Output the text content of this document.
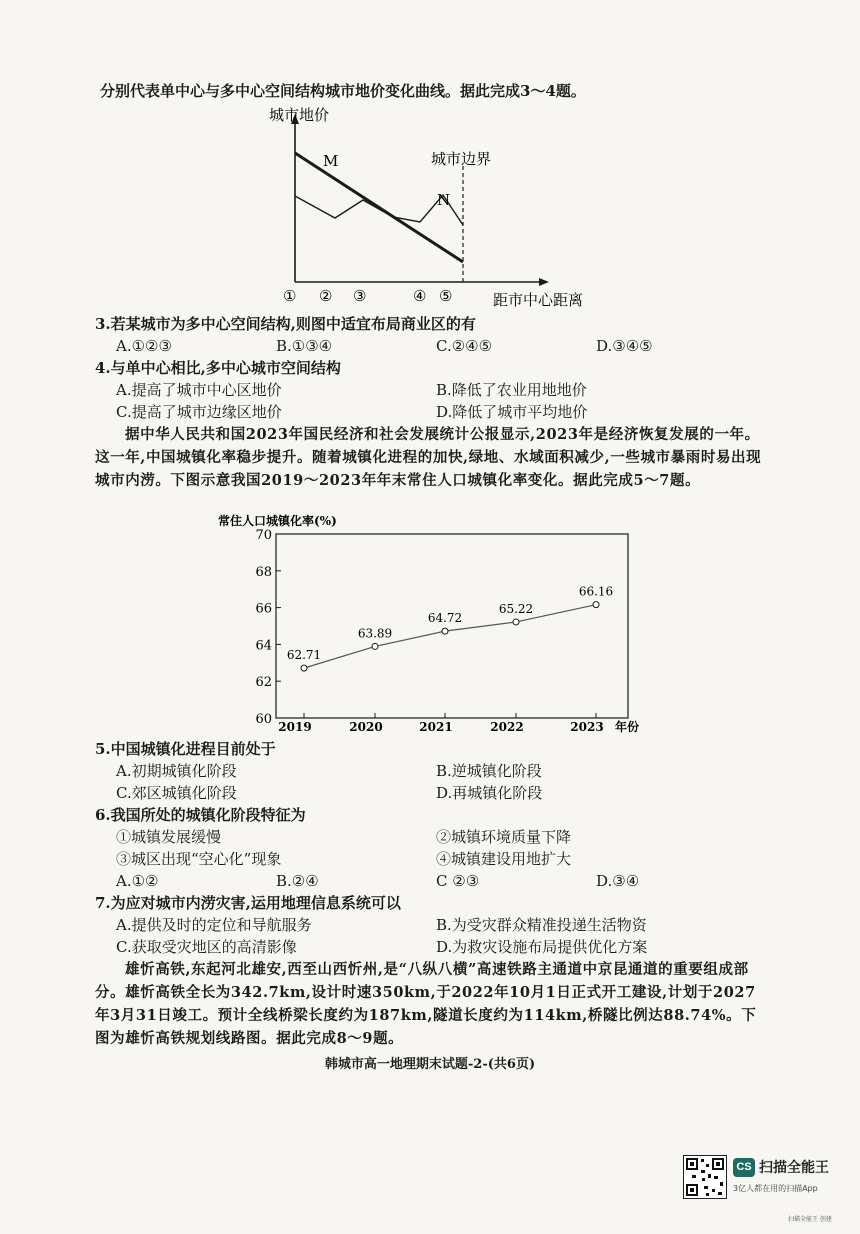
分别代表单中心与多中心空间结构城市地价变化曲线。据此完成3～4题。
城市地价
M
N
城市边界
① ② ③	④ ⑤	距市中心距离
3.若某城市为多中心空间结构,则图中适宜布局商业区的有
A.①②③	B.①③④	C.②④⑤	D.③④⑤
4.与单中心相比,多中心城市空间结构
A.提高了城市中心区地价	B.降低了农业用地地价
C.提高了城市边缘区地价	D.降低了城市平均地价
据中华人民共和国2023年国民经济和社会发展统计公报显示,2023年是经济恢复发展的一年。这一年,中国城镇化率稳步提升。随着城镇化进程的加快,绿地、水域面积减少,一些城市暴雨时易出现城市内涝。下图示意我国2019～2023年年末常住人口城镇化率变化。据此完成5～7题。
常住人口城镇化率(%)
60
62
64
66
68
70
2019	2020	2021	2022	2023
62.71
63.89
64.72
65.22
66.16
年份
5.中国城镇化进程目前处于
A.初期城镇化阶段	B.逆城镇化阶段
C.郊区城镇化阶段	D.再城镇化阶段
6.我国所处的城镇化阶段特征为
①城镇发展缓慢	②城镇环境质量下降
③城区出现“空心化”现象	④城镇建设用地扩大
A.①②	B.②④	C ②③	D.③④
7.为应对城市内涝灾害,运用地理信息系统可以
A.提供及时的定位和导航服务	B.为受灾群众精准投递生活物资
C.获取受灾地区的高清影像	D.为救灾设施布局提供优化方案
雄忻高铁,东起河北雄安,西至山西忻州,是“八纵八横”高速铁路主通道中京昆通道的重要组成部分。雄忻高铁全长为342.7km,设计时速350km,于2022年10月1日正式开工建设,计划于2027年3月31日竣工。预计全线桥梁长度约为187km,隧道长度约为114km,桥隧比例达88.74%。下图为雄忻高铁规划线路图。据此完成8～9题。
韩城市高一地理期末试题-2-(共6页)
CS 扫描全能王
3亿人都在用的扫描App
扫描全能王 创建
